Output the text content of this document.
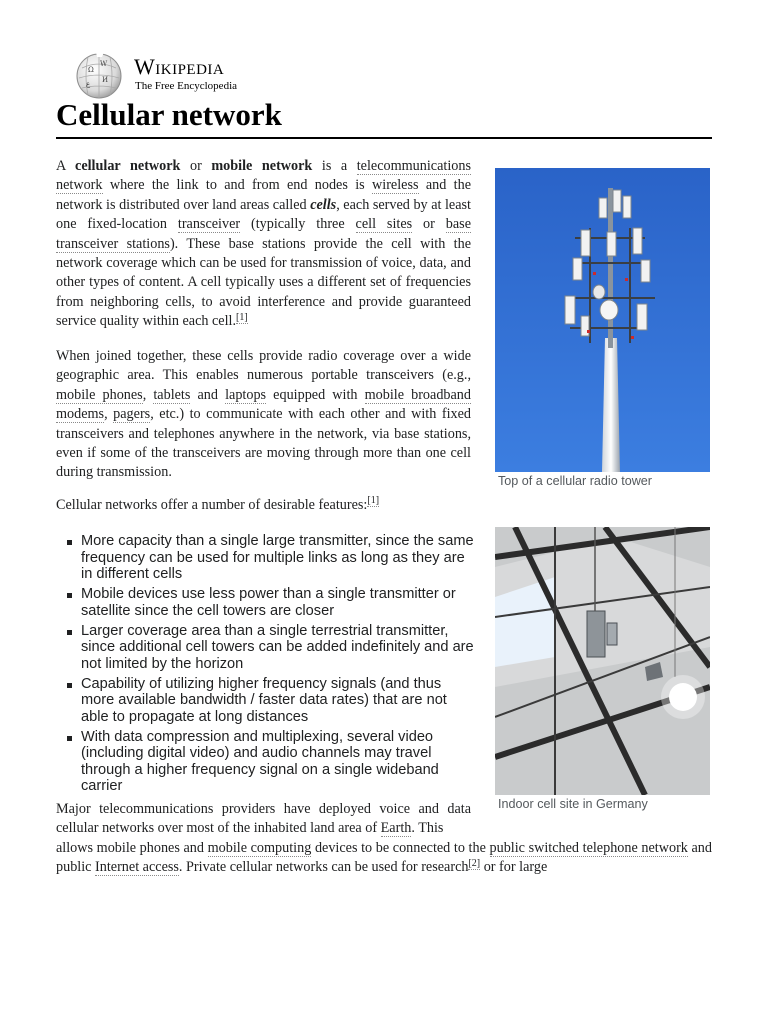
Ω
W
И
ع
Wikipedia
The Free Encyclopedia
Cellular network

A cellular network or mobile network is a telecommunications network where the link to and from end nodes is wireless and the network is distributed over land areas called cells, each served by at least one fixed-location transceiver (typically three cell sites or base transceiver stations). These base stations provide the cell with the network coverage which can be used for transmission of voice, data, and other types of content. A cell typically uses a different set of frequencies from neighboring cells, to avoid interference and provide guaranteed service quality within each cell.[1]

When joined together, these cells provide radio coverage over a wide geographic area. This enables numerous portable transceivers (e.g., mobile phones, tablets and laptops equipped with mobile broadband modems, pagers, etc.) to communicate with each other and with fixed transceivers and telephones anywhere in the network, via base stations, even if some of the transceivers are moving through more than one cell during transmission.

Cellular networks offer a number of desirable features:[1]

More capacity than a single large transmitter, since the same frequency can be used for multiple links as long as they are in different cells
Mobile devices use less power than a single transmitter or satellite since the cell towers are closer
Larger coverage area than a single terrestrial transmitter, since additional cell towers can be added indefinitely and are not limited by the horizon
Capability of utilizing higher frequency signals (and thus more available bandwidth / faster data rates) that are not able to propagate at long distances
With data compression and multiplexing, several video (including digital video) and audio channels may travel through a higher frequency signal on a single wideband carrier

Major telecommunications providers have deployed voice and data cellular networks over most of the inhabited land area of Earth. This

allows mobile phones and mobile computing devices to be connected to the public switched telephone network and public Internet access. Private cellular networks can be used for research[2] or for large

Top of a cellular radio tower
Indoor cell site in Germany
